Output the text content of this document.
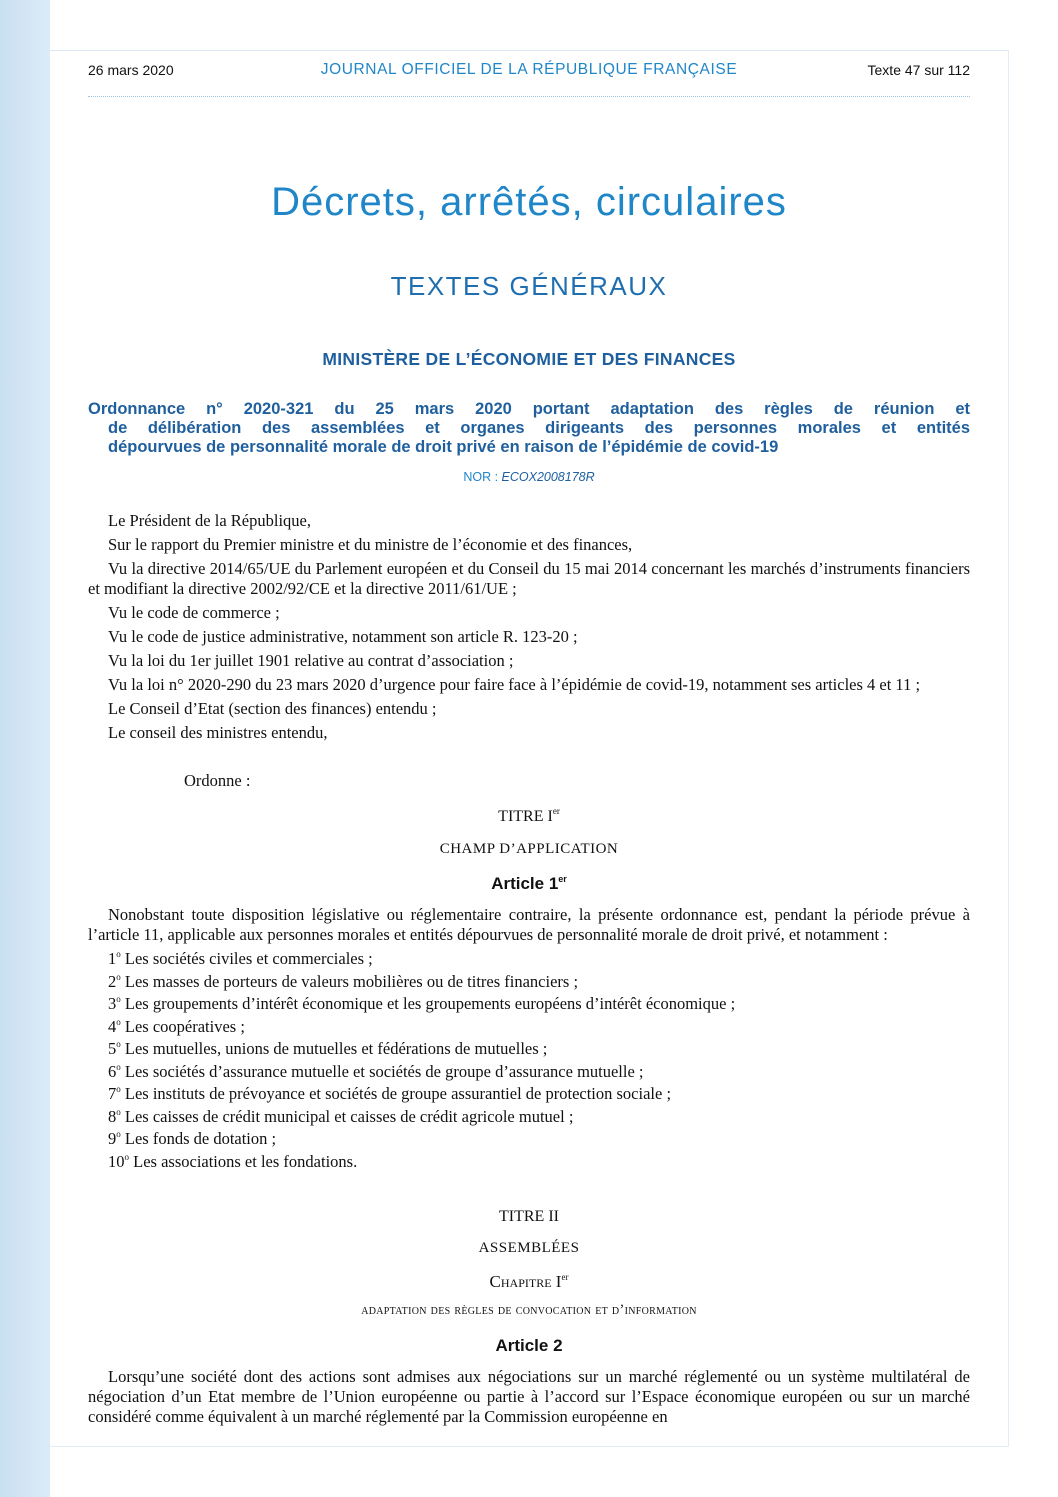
26 mars 2020	JOURNAL OFFICIEL DE LA RÉPUBLIQUE FRANÇAISE	Texte 47 sur 112
Décrets, arrêtés, circulaires
TEXTES GÉNÉRAUX
MINISTÈRE DE L’ÉCONOMIE ET DES FINANCES
Ordonnance n° 2020-321 du 25 mars 2020 portant adaptation des règles de réunion et
de délibération des assemblées et organes dirigeants des personnes morales et entités
dépourvues de personnalité morale de droit privé en raison de l’épidémie de covid-19
NOR : ECOX2008178R

Le Président de la République,

Sur le rapport du Premier ministre et du ministre de l’économie et des finances,

Vu la directive 2014/65/UE du Parlement européen et du Conseil du 15 mai 2014 concernant les marchés d’instruments financiers et modifiant la directive 2002/92/CE et la directive 2011/61/UE ;

Vu le code de commerce ;

Vu le code de justice administrative, notamment son article R. 123-20 ;

Vu la loi du 1er juillet 1901 relative au contrat d’association ;

Vu la loi n° 2020-290 du 23 mars 2020 d’urgence pour faire face à l’épidémie de covid-19, notamment ses articles 4 et 11 ;

Le Conseil d’Etat (section des finances) entendu ;

Le conseil des ministres entendu,

Ordonne :
TITRE Ier
CHAMP D’APPLICATION
Article 1er

Nonobstant toute disposition législative ou réglementaire contraire, la présente ordonnance est, pendant la période prévue à l’article 11, applicable aux personnes morales et entités dépourvues de personnalité morale de droit privé, et notamment :

1$^o$ Les sociétés civiles et commerciales ;

2$^o$ Les masses de porteurs de valeurs mobilières ou de titres financiers ;

3$^o$ Les groupements d’intérêt économique et les groupements européens d’intérêt économique ;

4$^o$ Les coopératives ;

5$^o$ Les mutuelles, unions de mutuelles et fédérations de mutuelles ;

6$^o$ Les sociétés d’assurance mutuelle et sociétés de groupe d’assurance mutuelle ;

7$^o$ Les instituts de prévoyance et sociétés de groupe assurantiel de protection sociale ;

8$^o$ Les caisses de crédit municipal et caisses de crédit agricole mutuel ;

9$^o$ Les fonds de dotation ;

10$^o$ Les associations et les fondations.

TITRE II
ASSEMBLÉES
Chapitre Ier
adaptation des règles de convocation et d’information
Article 2

Lorsqu’une société dont des actions sont admises aux négociations sur un marché réglementé ou un système multilatéral de négociation d’un Etat membre de l’Union européenne ou partie à l’accord sur l’Espace économique européen ou sur un marché considéré comme équivalent à un marché réglementé par la Commission européenne en
